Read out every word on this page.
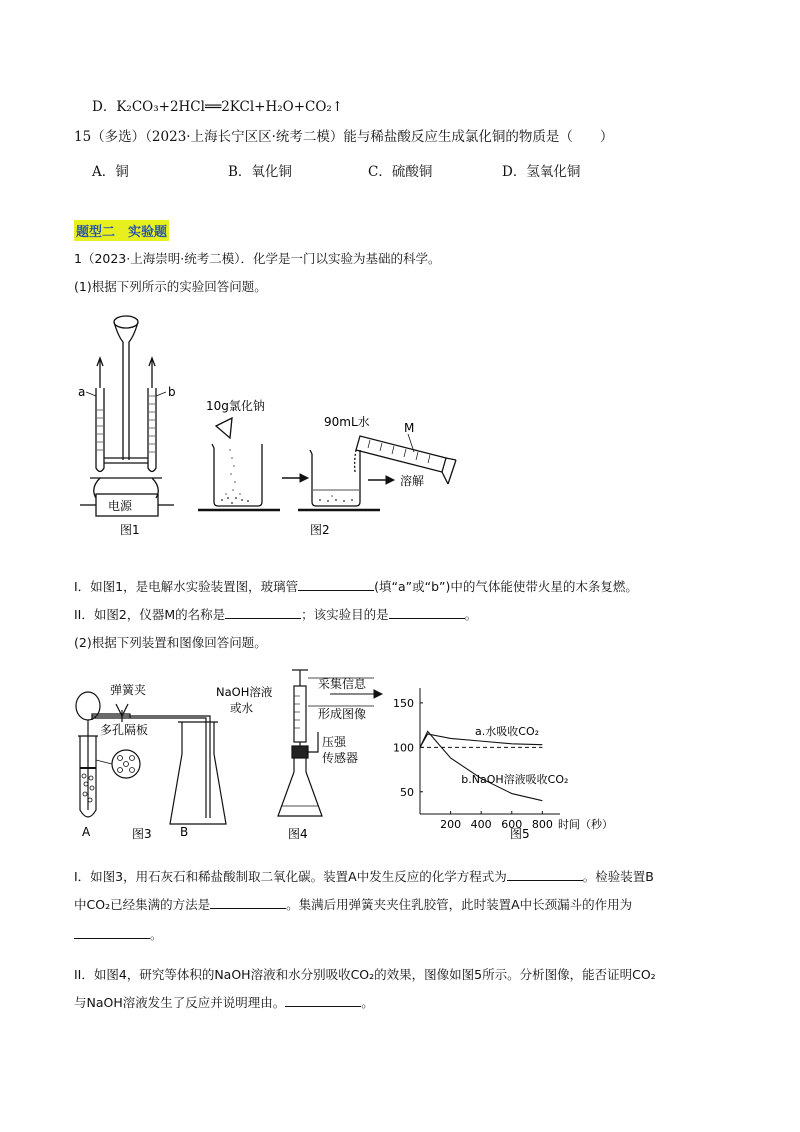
D．K₂CO₃+2HCl══2KCl+H₂O+CO₂↑
15（多选）（2023·上海长宁区区·统考二模）能与稀盐酸反应生成氯化铜的物质是（　　）
A．铜	B．氧化铜	C．硫酸铜	D．氢氧化铜
题型二　实验题
1（2023·上海崇明·统考二模）．化学是一门以实验为基础的科学。
(1)根据下列所示的实验回答问题。
a	b
电源
图1
10g氯化钠
90mL水	M
溶解
图2
I．如图1，是电解水实验装置图，玻璃管	(填“a”或“b”)中的气体能使带火星的木条复燃。
II．如图2，仪器M的名称是	；该实验目的是	。
(2)根据下列装置和图像回答问题。
弹簧夹
多孔隔板
A	图3 B
NaOH溶液
或水
采集信息
形成图像
压强
传感器
图4
200 400 600 800
50
100
150
a.水吸收CO₂
b.NaOH溶液吸收CO₂
时间（秒）
图5
I．如图3，用石灰石和稀盐酸制取二氧化碳。装置A中发生反应的化学方程式为	。检验装置B
中CO₂已经集满的方法是	。集满后用弹簧夹夹住乳胶管，此时装置A中长颈漏斗的作用为
。
II．如图4，研究等体积的NaOH溶液和水分别吸收CO₂的效果，图像如图5所示。分析图像，能否证明CO₂
与NaOH溶液发生了反应并说明理由。	。
